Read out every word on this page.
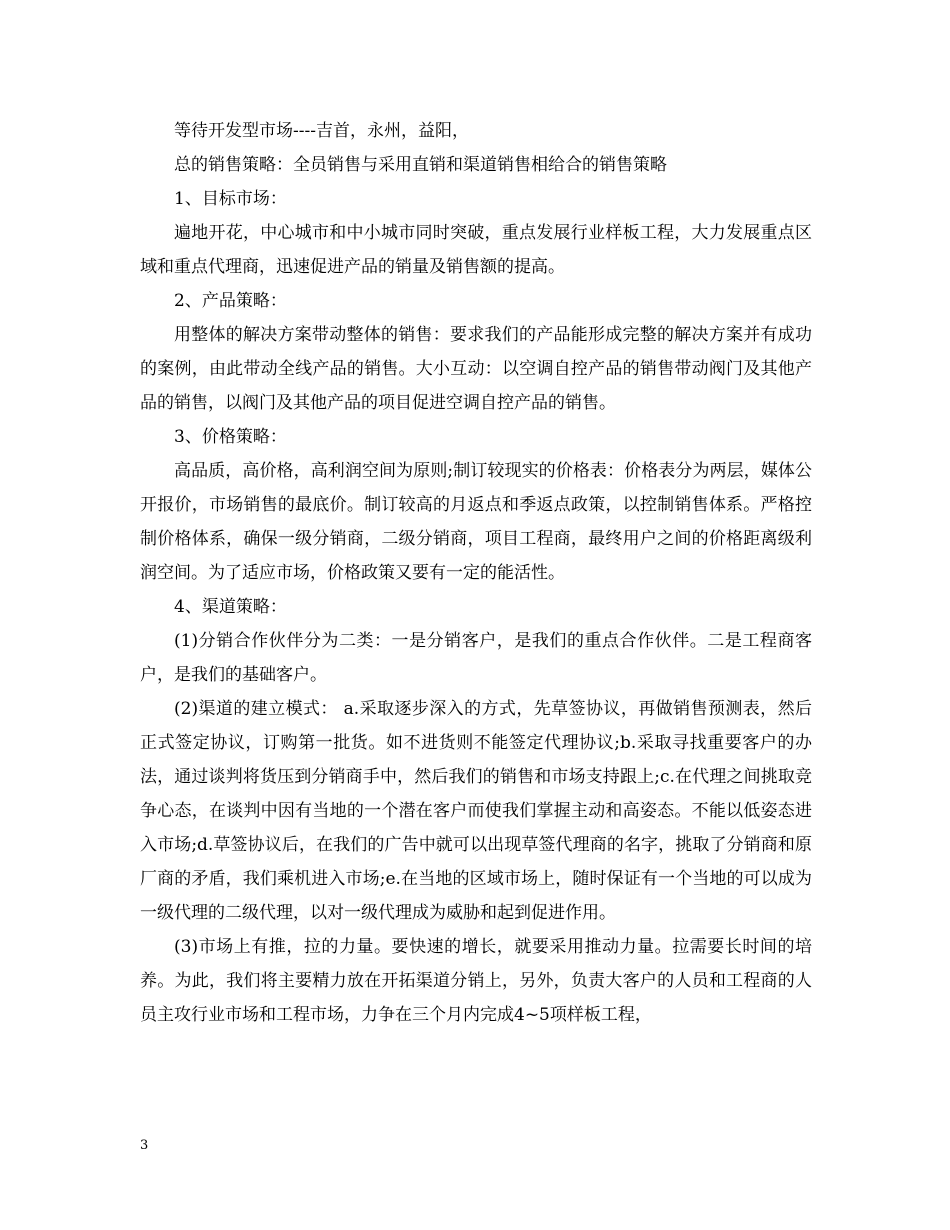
等待开发型市场----吉首，永州，益阳，

总的销售策略：全员销售与采用直销和渠道销售相给合的销售策略

1、目标市场：

遍地开花，中心城市和中小城市同时突破，重点发展行业样板工程，大力发展重点区域和重点代理商，迅速促进产品的销量及销售额的提高。

2、产品策略：

用整体的解决方案带动整体的销售：要求我们的产品能形成完整的解决方案并有成功的案例，由此带动全线产品的销售。大小互动：以空调自控产品的销售带动阀门及其他产品的销售，以阀门及其他产品的项目促进空调自控产品的销售。

3、价格策略：

高品质，高价格，高利润空间为原则;制订较现实的价格表：价格表分为两层，媒体公开报价，市场销售的最底价。制订较高的月返点和季返点政策，以控制销售体系。严格控制价格体系，确保一级分销商，二级分销商，项目工程商，最终用户之间的价格距离级利润空间。为了适应市场，价格政策又要有一定的能活性。

4、渠道策略：

(1)分销合作伙伴分为二类：一是分销客户，是我们的重点合作伙伴。二是工程商客户，是我们的基础客户。

(2)渠道的建立模式： a.采取逐步深入的方式，先草签协议，再做销售预测表，然后正式签定协议，订购第一批货。如不进货则不能签定代理协议;b.采取寻找重要客户的办法，通过谈判将货压到分销商手中，然后我们的销售和市场支持跟上;c.在代理之间挑取竞争心态，在谈判中因有当地的一个潜在客户而使我们掌握主动和高姿态。不能以低姿态进入市场;d.草签协议后，在我们的广告中就可以出现草签代理商的名字，挑取了分销商和原厂商的矛盾，我们乘机进入市场;e.在当地的区域市场上，随时保证有一个当地的可以成为一级代理的二级代理，以对一级代理成为威胁和起到促进作用。

(3)市场上有推，拉的力量。要快速的增长，就要采用推动力量。拉需要长时间的培养。为此，我们将主要精力放在开拓渠道分销上，另外，负责大客户的人员和工程商的人员主攻行业市场和工程市场，力争在三个月内完成4~5项样板工程，

3
